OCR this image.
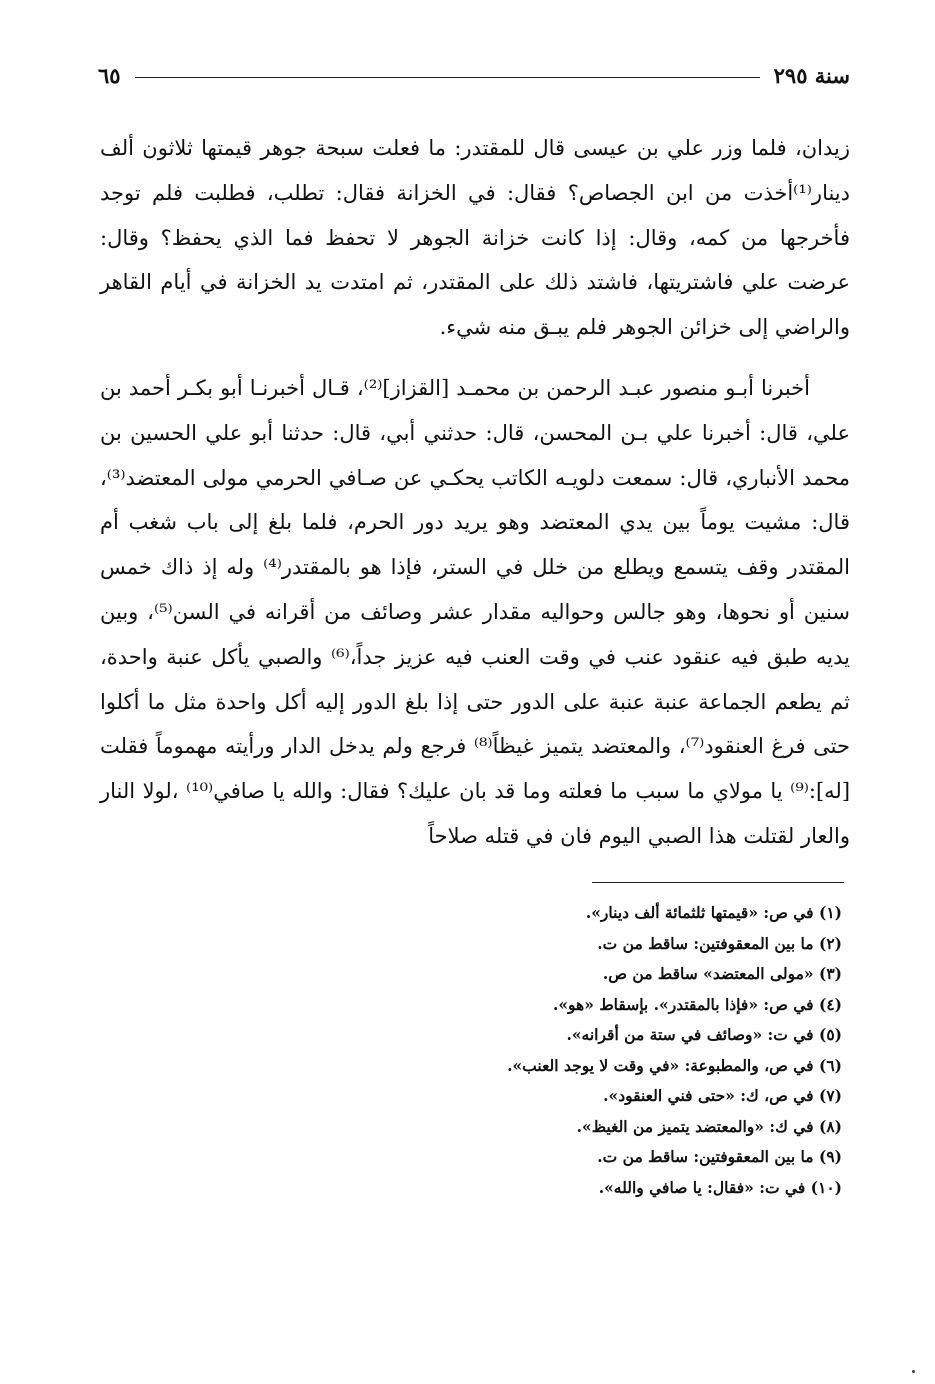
سنة ٢٩٥
٦٥

زيدان، فلما وزر علي بن عيسى قال للمقتدر: ما فعلت سبحة جوهر قيمتها ثلاثون ألف دينار⁽¹⁾أخذت من ابن الجصاص؟ فقال: في الخزانة فقال: تطلب، فطلبت فلم توجد فأخرجها من كمه، وقال: إذا كانت خزانة الجوهر لا تحفظ فما الذي يحفظ؟ وقال: عرضت علي فاشتريتها، فاشتد ذلك على المقتدر، ثم امتدت يد الخزانة في أيام القاهر والراضي إلى خزائن الجوهر فلم يبـق منه شيء.

أخبرنا أبـو منصور عبـد الرحمن بن محمـد [القزاز]⁽²⁾، قـال أخبرنـا أبو بكـر أحمد بن علي، قال: أخبرنا علي بـن المحسن، قال: حدثني أبي، قال: حدثنا أبو علي الحسين بن محمد الأنباري، قال: سمعت دلويـه الكاتب يحكـي عن صـافي الحرمي مولى المعتضد⁽³⁾، قال: مشيت يوماً بين يدي المعتضد وهو يريد دور الحرم، فلما بلغ إلى باب شغب أم المقتدر وقف يتسمع ويطلع من خلل في الستر، فإذا هو بالمقتدر⁽⁴⁾ وله إذ ذاك خمس سنين أو نحوها، وهو جالس وحواليه مقدار عشر وصائف من أقرانه في السن⁽⁵⁾، وبين يديه طبق فيه عنقود عنب في وقت العنب فيه عزيز جداً،⁽⁶⁾ والصبي يأكل عنبة واحدة، ثم يطعم الجماعة عنبة عنبة على الدور حتى إذا بلغ الدور إليه أكل واحدة مثل ما أكلوا حتى فرغ العنقود⁽⁷⁾، والمعتضد يتميز غيظاً⁽⁸⁾ فرجع ولم يدخل الدار ورأيته مهموماً فقلت [له]:⁽⁹⁾ يا مولاي ما سبب ما فعلته وما قد بان عليك؟ فقال: والله يا صافي⁽¹⁰⁾ ،لولا النار والعار لقتلت هذا الصبي اليوم فان في قتله صلاحاً

(١) في ص: «قيمتها ثلثمائة ألف دينار».
(٢) ما بين المعقوفتين: ساقط من ت.
(٣) «مولى المعتضد» ساقط من ص.
(٤) في ص: «فإذا بالمقتدر». بإسقاط «هو».
(٥) في ت: «وصائف في ستة من أقرانه».
(٦) في ص، والمطبوعة: «في وقت لا يوجد العنب».
(٧) في ص، ك: «حتى فني العنقود».
(٨) في ك: «والمعتضد يتميز من الغيظ».
(٩) ما بين المعقوفتين: ساقط من ت.
(١٠) في ت: «فقال: يا صافي والله».
